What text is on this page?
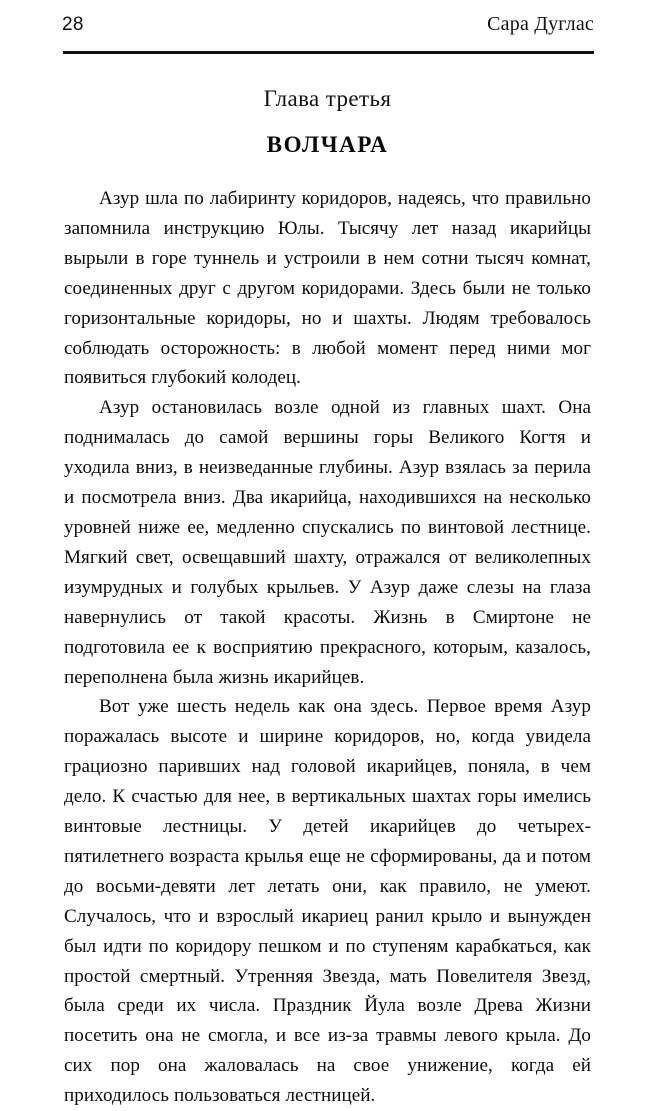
28	Сара Дуглас
Глава третья
ВОЛЧАРА

Азур шла по лабиринту коридоров, надеясь, что правильно запомнила инструкцию Юлы. Тысячу лет назад икарийцы вырыли в горе туннель и устроили в нем сотни тысяч комнат, соединенных друг с другом коридорами. Здесь были не только горизонтальные коридоры, но и шахты. Людям требовалось соблюдать осторожность: в любой момент перед ними мог появиться глубокий колодец.

Азур остановилась возле одной из главных шахт. Она поднималась до самой вершины горы Великого Когтя и уходила вниз, в неизведанные глубины. Азур взялась за перила и посмотрела вниз. Два икарийца, находившихся на несколько уровней ниже ее, медленно спускались по винтовой лестнице. Мягкий свет, освещавший шахту, отражался от великолепных изумрудных и голубых крыльев. У Азур даже слезы на глаза навернулись от такой красоты. Жизнь в Смиртоне не подготовила ее к восприятию прекрасного, которым, казалось, переполнена была жизнь икарийцев.

Вот уже шесть недель как она здесь. Первое время Азур поражалась высоте и ширине коридоров, но, когда увидела грациозно паривших над головой икарийцев, поняла, в чем дело. К счастью для нее, в вертикальных шахтах горы имелись винтовые лестницы. У детей икарийцев до четырех-пятилетнего возраста крылья еще не сформированы, да и потом до восьми-девяти лет летать они, как правило, не умеют. Случалось, что и взрослый икариец ранил крыло и вынужден был идти по коридору пешком и по ступеням карабкаться, как простой смертный. Утренняя Звезда, мать Повелителя Звезд, была среди их числа. Праздник Йула возле Древа Жизни посетить она не смогла, и все из-за травмы левого крыла. До сих пор она жаловалась на свое унижение, когда ей приходилось пользоваться лестницей.
